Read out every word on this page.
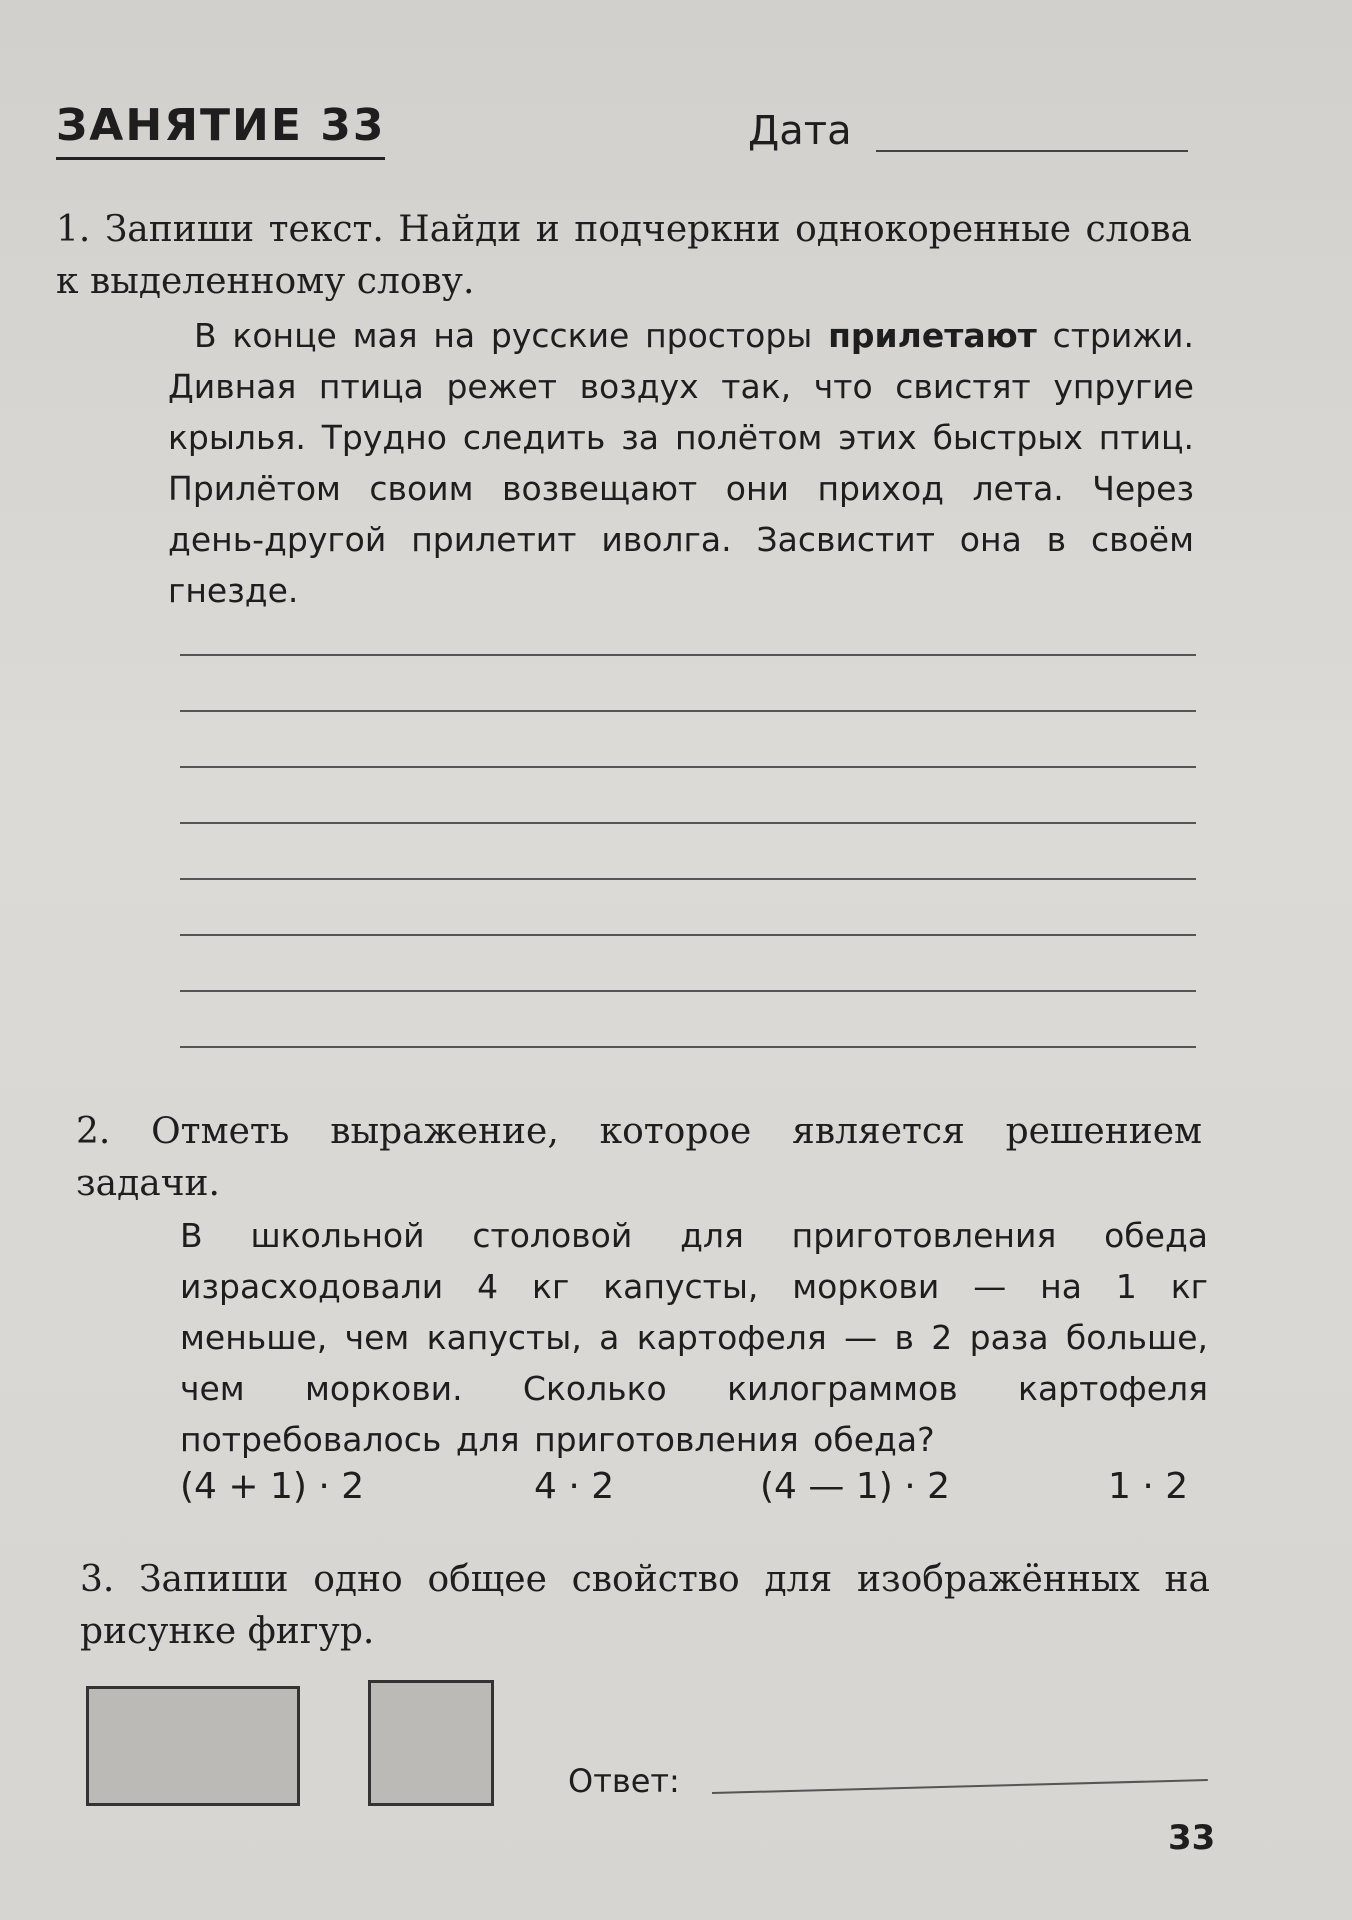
ЗАНЯТИЕ 33	Дата
1. Запиши текст. Найди и подчеркни однокоренные слова к выделенному слову.
В конце мая на русские просторы прилетают стрижи. Дивная птица режет воздух так, что свистят упругие крылья. Трудно следить за полётом этих быстрых птиц. Прилётом своим возвещают они приход лета. Через день-другой прилетит иволга. Засвистит она в своём гнезде.
2. Отметь выражение, которое является решением задачи.
В школьной столовой для приготовления обеда израсходовали 4 кг капусты, моркови — на 1 кг меньше, чем капусты, а картофеля — в 2 раза больше, чем моркови. Сколько килограммов картофеля потребовалось для приготовления обеда?
(4 + 1) · 2	4 · 2	(4 — 1) · 2	1 · 2
3. Запиши одно общее свойство для изображённых на рисунке фигур.
Ответ:
33
